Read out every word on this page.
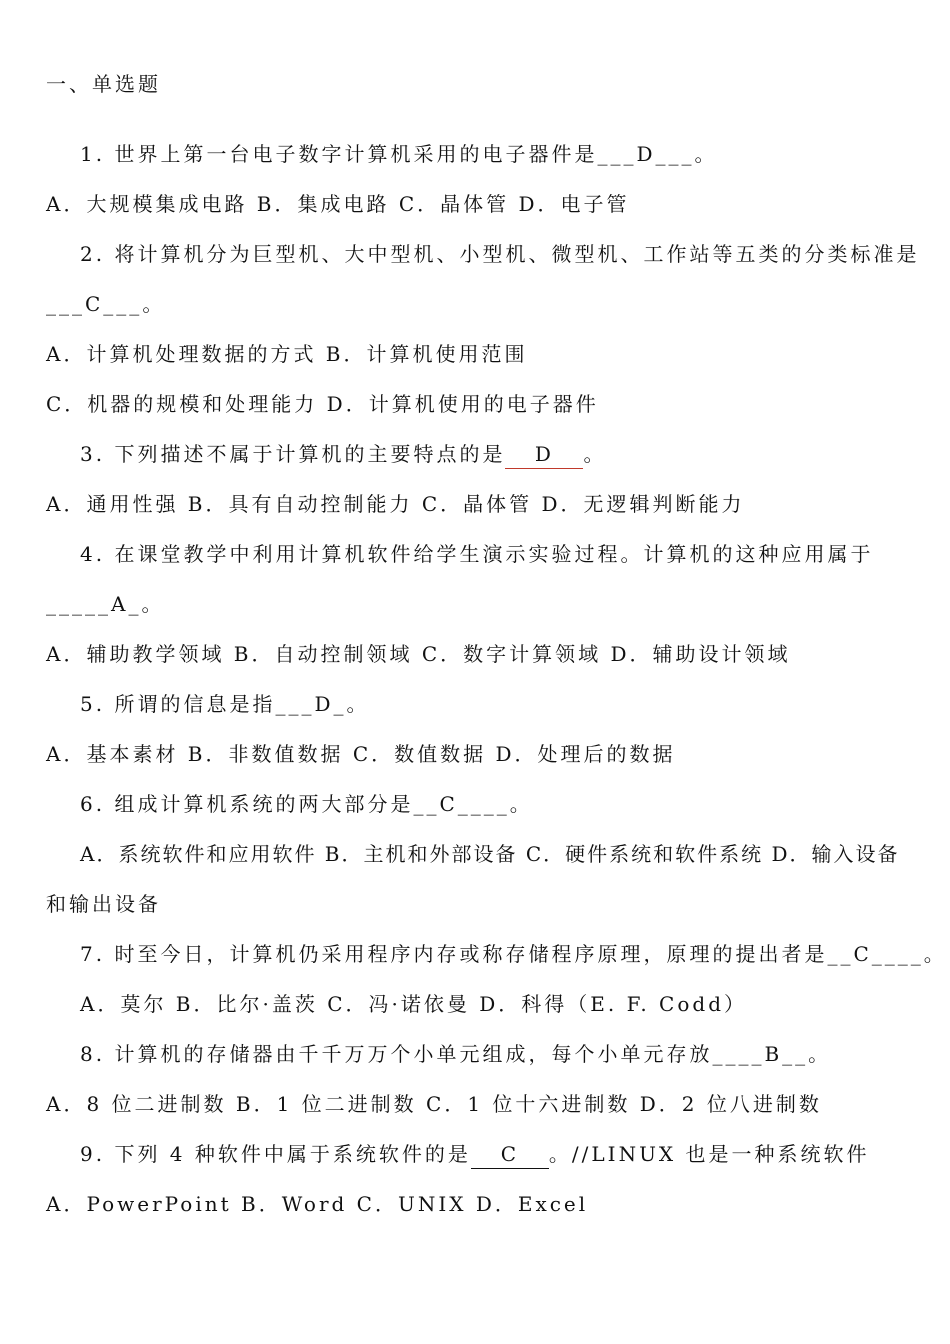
一、单选题
1. 世界上第一台电子数字计算机采用的电子器件是___D___。
A．大规模集成电路 B．集成电路 C．晶体管 D．电子管
2. 将计算机分为巨型机、大中型机、小型机、微型机、工作站等五类的分类标准是
___C___。
A．计算机处理数据的方式 B．计算机使用范围
C．机器的规模和处理能力 D．计算机使用的电子器件
3. 下列描述不属于计算机的主要特点的是 D 。
A．通用性强 B．具有自动控制能力 C．晶体管 D．无逻辑判断能力
4. 在课堂教学中利用计算机软件给学生演示实验过程。计算机的这种应用属于
_____A_。
A．辅助教学领域 B．自动控制领域 C．数字计算领域 D．辅助设计领域
5. 所谓的信息是指___D_。
A．基本素材 B．非数值数据 C．数值数据 D．处理后的数据
6. 组成计算机系统的两大部分是__C____。
A．系统软件和应用软件 B．主机和外部设备 C．硬件系统和软件系统 D．输入设备
和输出设备
7. 时至今日，计算机仍采用程序内存或称存储程序原理，原理的提出者是__C____。
A．莫尔 B．比尔·盖茨 C．冯·诺依曼 D．科得（E. F. Codd）
8. 计算机的存储器由千千万万个小单元组成，每个小单元存放____B__。
A．8 位二进制数 B．1 位二进制数 C．1 位十六进制数 D．2 位八进制数
9. 下列 4 种软件中属于系统软件的是 C 。//LINUX 也是一种系统软件
A．PowerPoint B．Word C．UNIX D．Excel
